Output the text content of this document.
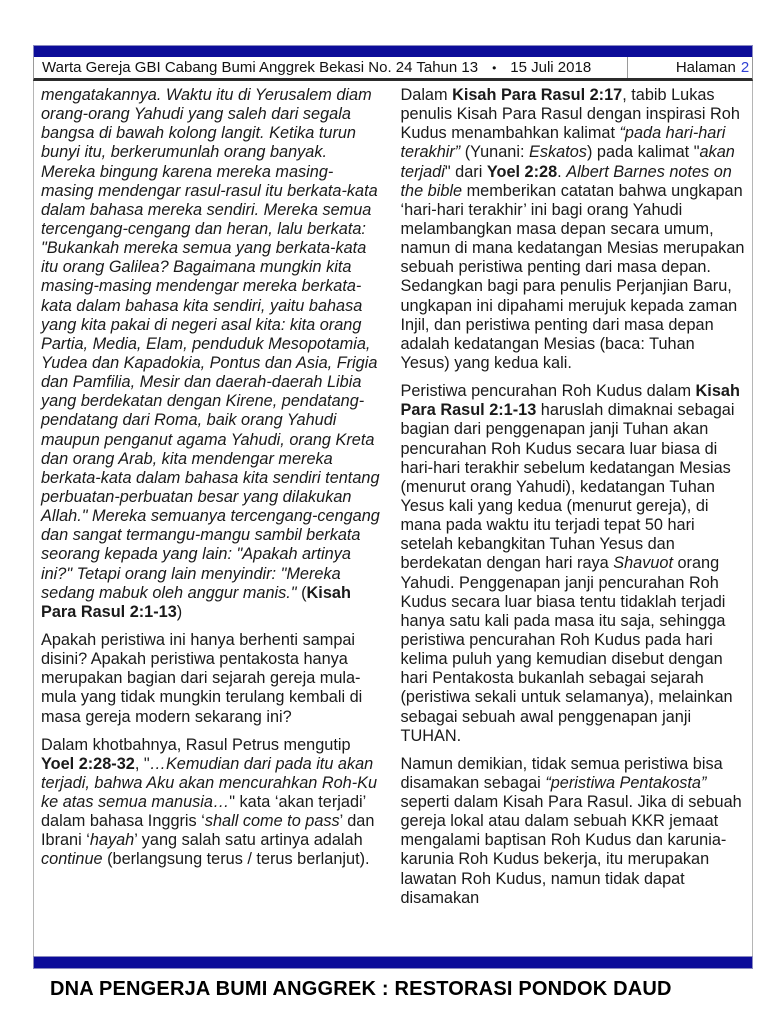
Warta Gereja GBI Cabang Bumi Anggrek Bekasi No. 24 Tahun 13	• 15 Juli 2018	Halaman 2

mengatakannya. Waktu itu di Yerusalem diam orang-orang Yahudi yang saleh dari segala bangsa di bawah kolong langit. Ketika turun bunyi itu, berkerumunlah orang banyak. Mereka bingung karena mereka masing-masing mendengar rasul-rasul itu berkata-kata dalam bahasa mereka sendiri. Mereka semua tercengang-cengang dan heran, lalu berkata: "Bukankah mereka semua yang berkata-kata itu orang Galilea? Bagaimana mungkin kita masing-masing mendengar mereka berkata-kata dalam bahasa kita sendiri, yaitu bahasa yang kita pakai di negeri asal kita: kita orang Partia, Media, Elam, penduduk Mesopotamia, Yudea dan Kapadokia, Pontus dan Asia, Frigia dan Pamfilia, Mesir dan daerah-daerah Libia yang berdekatan dengan Kirene, pendatang-pendatang dari Roma, baik orang Yahudi maupun penganut agama Yahudi, orang Kreta dan orang Arab, kita mendengar mereka berkata-kata dalam bahasa kita sendiri tentang perbuatan-perbuatan besar yang dilakukan Allah." Mereka semuanya tercengang-cengang dan sangat termangu-mangu sambil berkata seorang kepada yang lain: "Apakah artinya ini?" Tetapi orang lain menyindir: "Mereka sedang mabuk oleh anggur manis." (Kisah Para Rasul 2:1-13)

Apakah peristiwa ini hanya berhenti sampai disini? Apakah peristiwa pentakosta hanya merupakan bagian dari sejarah gereja mula-mula yang tidak mungkin terulang kembali di masa gereja modern sekarang ini?

Dalam khotbahnya, Rasul Petrus mengutip Yoel 2:28-32, "…Kemudian dari pada itu akan terjadi, bahwa Aku akan mencurahkan Roh-Ku ke atas semua manusia…" kata ‘akan terjadi’ dalam bahasa Inggris ‘shall come to pass’ dan Ibrani ‘hayah’ yang salah satu artinya adalah continue (berlangsung terus / terus berlanjut).

Dalam Kisah Para Rasul 2:17, tabib Lukas penulis Kisah Para Rasul dengan inspirasi Roh Kudus menambahkan kalimat “pada hari-hari terakhir” (Yunani: Eskatos) pada kalimat "akan terjadi" dari Yoel 2:28. Albert Barnes notes on the bible memberikan catatan bahwa ungkapan ‘hari-hari terakhir’ ini bagi orang Yahudi melambangkan masa depan secara umum, namun di mana kedatangan Mesias merupakan sebuah peristiwa penting dari masa depan. Sedangkan bagi para penulis Perjanjian Baru, ungkapan ini dipahami merujuk kepada zaman Injil, dan peristiwa penting dari masa depan adalah kedatangan Mesias (baca: Tuhan Yesus) yang kedua kali.

Peristiwa pencurahan Roh Kudus dalam Kisah Para Rasul 2:1-13 haruslah dimaknai sebagai bagian dari penggenapan janji Tuhan akan pencurahan Roh Kudus secara luar biasa di hari-hari terakhir sebelum kedatangan Mesias (menurut orang Yahudi), kedatangan Tuhan Yesus kali yang kedua (menurut gereja), di mana pada waktu itu terjadi tepat 50 hari setelah kebangkitan Tuhan Yesus dan berdekatan dengan hari raya Shavuot orang Yahudi. Penggenapan janji pencurahan Roh Kudus secara luar biasa tentu tidaklah terjadi hanya satu kali pada masa itu saja, sehingga peristiwa pencurahan Roh Kudus pada hari kelima puluh yang kemudian disebut dengan hari Pentakosta bukanlah sebagai sejarah (peristiwa sekali untuk selamanya), melainkan sebagai sebuah awal penggenapan janji TUHAN.

Namun demikian, tidak semua peristiwa bisa disamakan sebagai “peristiwa Pentakosta” seperti dalam Kisah Para Rasul. Jika di sebuah gereja lokal atau dalam sebuah KKR jemaat mengalami baptisan Roh Kudus dan karunia-karunia Roh Kudus bekerja, itu merupakan lawatan Roh Kudus, namun tidak dapat disamakan

DNA PENGERJA BUMI ANGGREK : RESTORASI PONDOK DAUD
